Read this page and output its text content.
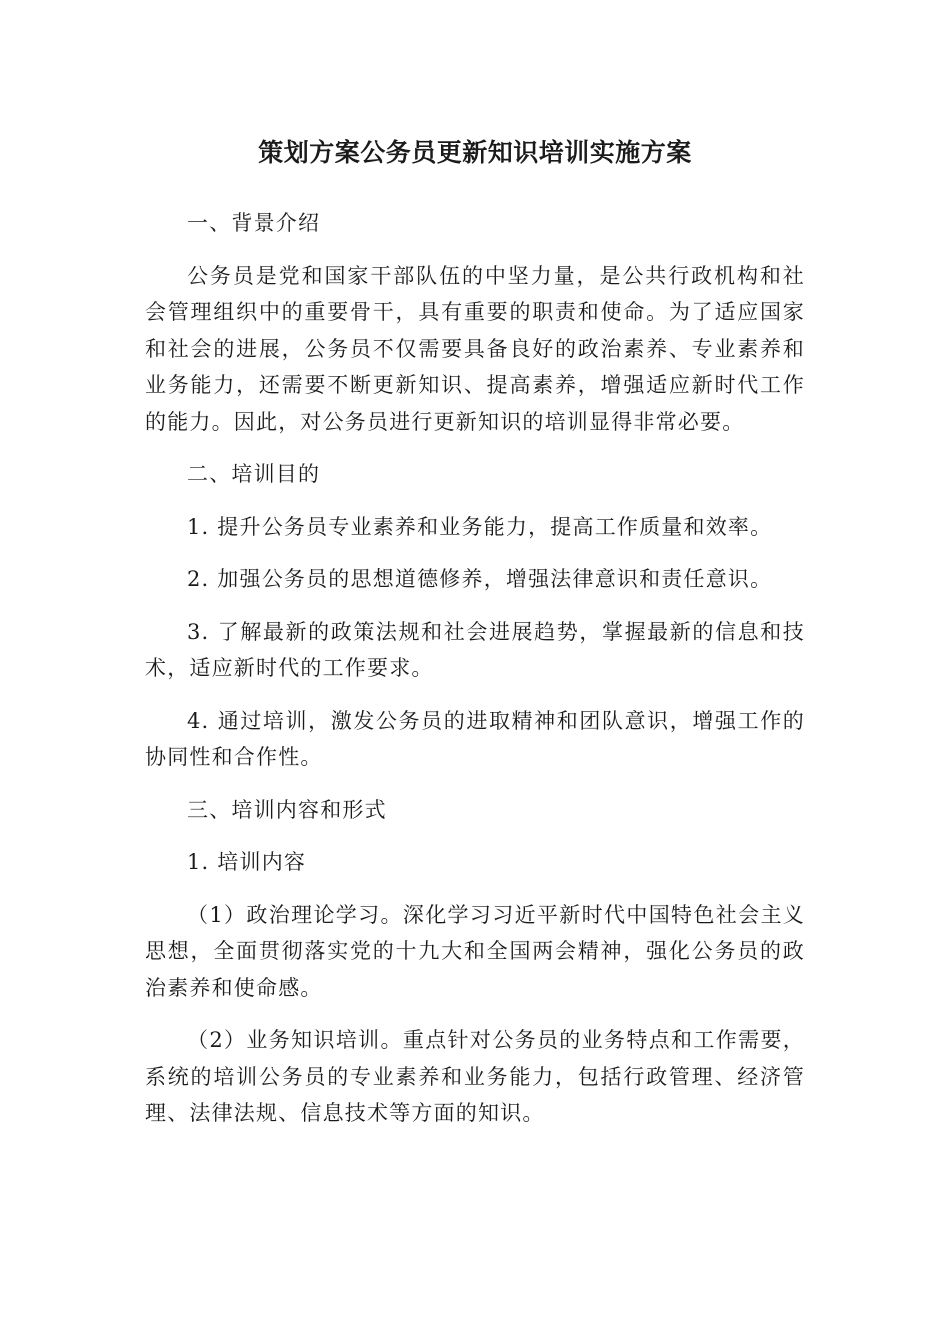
策划方案公务员更新知识培训实施方案

一、背景介绍

公务员是党和国家干部队伍的中坚力量，是公共行政机构和社会管理组织中的重要骨干，具有重要的职责和使命。为了适应国家和社会的进展，公务员不仅需要具备良好的政治素养、专业素养和业务能力，还需要不断更新知识、提高素养，增强适应新时代工作的能力。因此，对公务员进行更新知识的培训显得非常必要。

二、培训目的

1. 提升公务员专业素养和业务能力，提高工作质量和效率。

2. 加强公务员的思想道德修养，增强法律意识和责任意识。

3. 了解最新的政策法规和社会进展趋势，掌握最新的信息和技术，适应新时代的工作要求。

4. 通过培训，激发公务员的进取精神和团队意识，增强工作的协同性和合作性。

三、培训内容和形式

1. 培训内容

（1）政治理论学习。深化学习习近平新时代中国特色社会主义思想，全面贯彻落实党的十九大和全国两会精神，强化公务员的政治素养和使命感。

（2）业务知识培训。重点针对公务员的业务特点和工作需要，系统的培训公务员的专业素养和业务能力，包括行政管理、经济管理、法律法规、信息技术等方面的知识。
